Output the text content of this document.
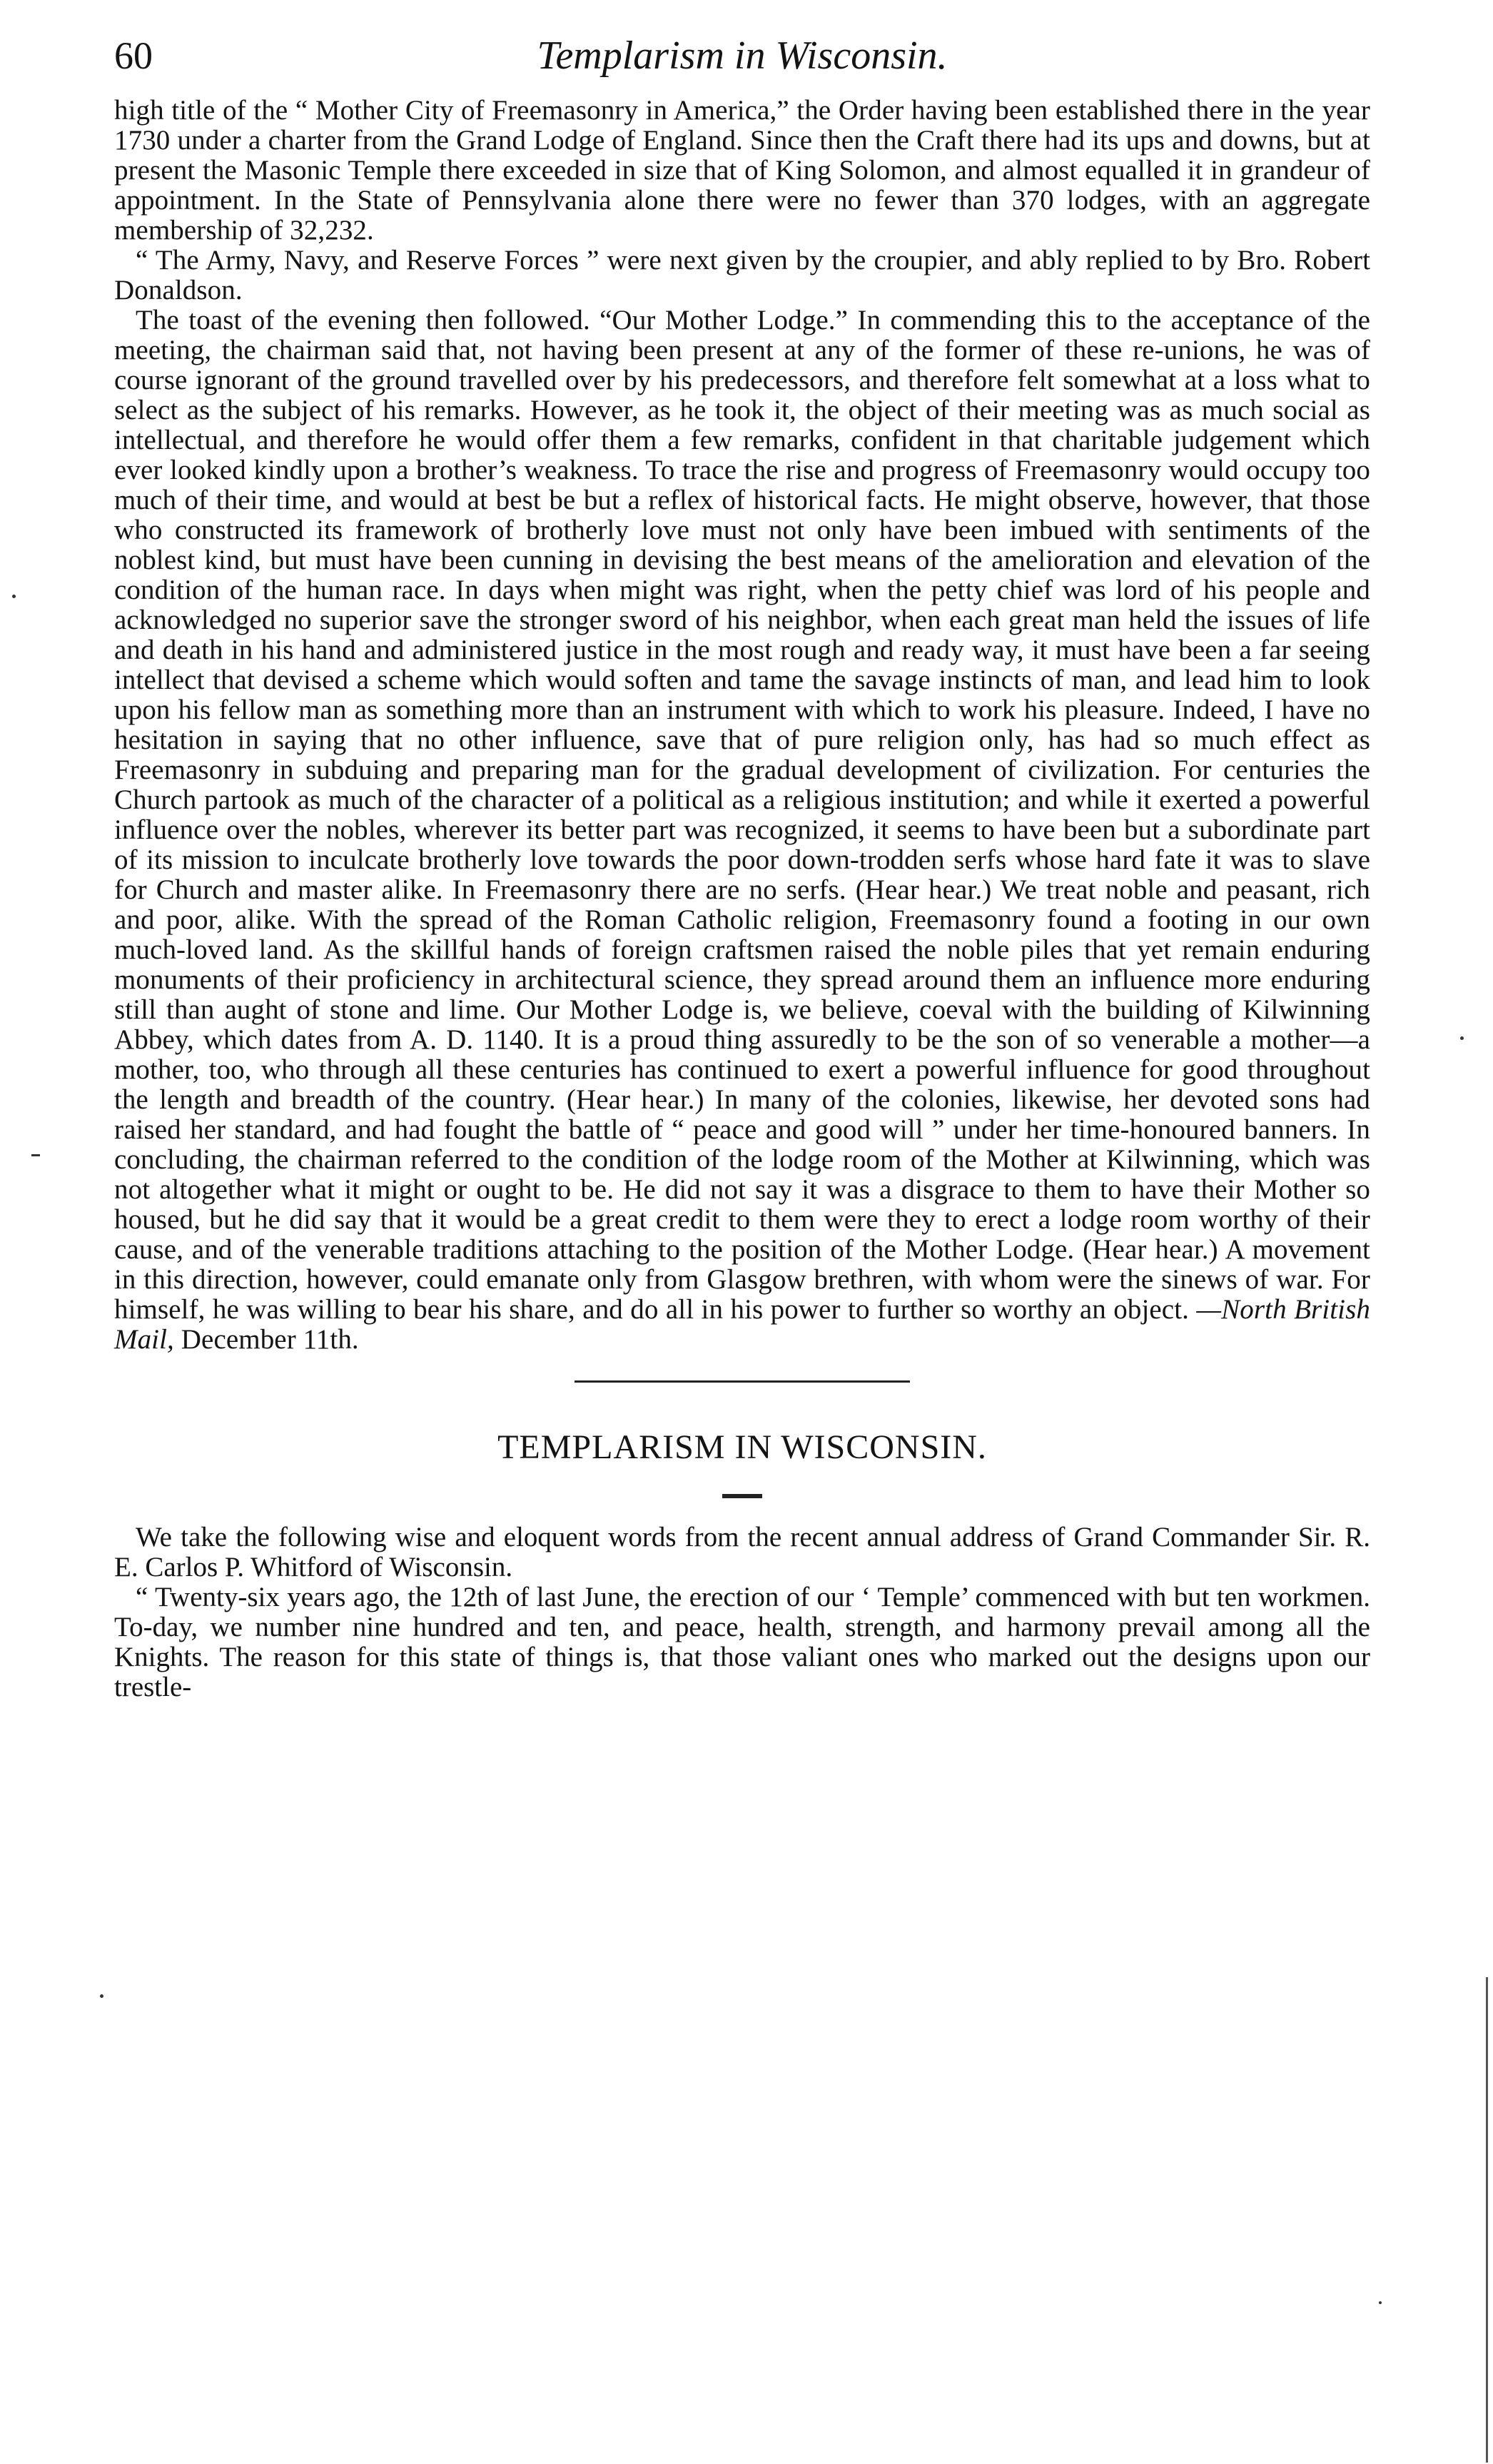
60	Templarism in Wisconsin.

high title of the “ Mother City of Freemasonry in America,” the Order having been established there in the year 1730 under a charter from the Grand Lodge of England. Since then the Craft there had its ups and downs, but at present the Masonic Temple there exceeded in size that of King Solomon, and almost equalled it in grandeur of appointment. In the State of Pennsylvania alone there were no fewer than 370 lodges, with an aggregate membership of 32,232.

“ The Army, Navy, and Reserve Forces ” were next given by the croupier, and ably replied to by Bro. Robert Donaldson.

The toast of the evening then followed. “Our Mother Lodge.” In commending this to the acceptance of the meeting, the chairman said that, not having been present at any of the former of these re-unions, he was of course ignorant of the ground travelled over by his predecessors, and therefore felt somewhat at a loss what to select as the subject of his remarks. However, as he took it, the object of their meeting was as much social as intellectual, and therefore he would offer them a few remarks, confident in that charitable judgement which ever looked kindly upon a brother’s weakness. To trace the rise and progress of Freemasonry would occupy too much of their time, and would at best be but a reflex of historical facts. He might observe, however, that those who constructed its framework of brotherly love must not only have been imbued with sentiments of the noblest kind, but must have been cunning in devising the best means of the amelioration and elevation of the condition of the human race. In days when might was right, when the petty chief was lord of his people and acknowledged no superior save the stronger sword of his neighbor, when each great man held the issues of life and death in his hand and administered justice in the most rough and ready way, it must have been a far seeing intellect that devised a scheme which would soften and tame the savage instincts of man, and lead him to look upon his fellow man as something more than an instrument with which to work his pleasure. Indeed, I have no hesitation in saying that no other influence, save that of pure religion only, has had so much effect as Freemasonry in subduing and preparing man for the gradual development of civilization. For centuries the Church partook as much of the character of a political as a religious institution; and while it exerted a powerful influence over the nobles, wherever its better part was recognized, it seems to have been but a subordinate part of its mission to inculcate brotherly love towards the poor down-trodden serfs whose hard fate it was to slave for Church and master alike. In Freemasonry there are no serfs. (Hear hear.) We treat noble and peasant, rich and poor, alike. With the spread of the Roman Catholic religion, Freemasonry found a footing in our own much-loved land. As the skillful hands of foreign craftsmen raised the noble piles that yet remain enduring monuments of their proficiency in architectural science, they spread around them an influence more enduring still than aught of stone and lime. Our Mother Lodge is, we believe, coeval with the building of Kilwinning Abbey, which dates from A. D. 1140. It is a proud thing assuredly to be the son of so venerable a mother—a mother, too, who through all these centuries has continued to exert a powerful influence for good throughout the length and breadth of the country. (Hear hear.) In many of the colonies, likewise, her devoted sons had raised her standard, and had fought the battle of “ peace and good will ” under her time-honoured banners. In concluding, the chairman referred to the condition of the lodge room of the Mother at Kilwinning, which was not altogether what it might or ought to be. He did not say it was a disgrace to them to have their Mother so housed, but he did say that it would be a great credit to them were they to erect a lodge room worthy of their cause, and of the venerable traditions attaching to the position of the Mother Lodge. (Hear hear.) A movement in this direction, however, could emanate only from Glasgow brethren, with whom were the sinews of war. For himself, he was willing to bear his share, and do all in his power to further so worthy an object. —North British Mail, December 11th.

TEMPLARISM IN WISCONSIN.

We take the following wise and eloquent words from the recent annual address of Grand Commander Sir. R. E. Carlos P. Whitford of Wisconsin.

“ Twenty-six years ago, the 12th of last June, the erection of our ‘ Temple’ commenced with but ten workmen. To-day, we number nine hundred and ten, and peace, health, strength, and harmony prevail among all the Knights. The reason for this state of things is, that those valiant ones who marked out the designs upon our trestle-
